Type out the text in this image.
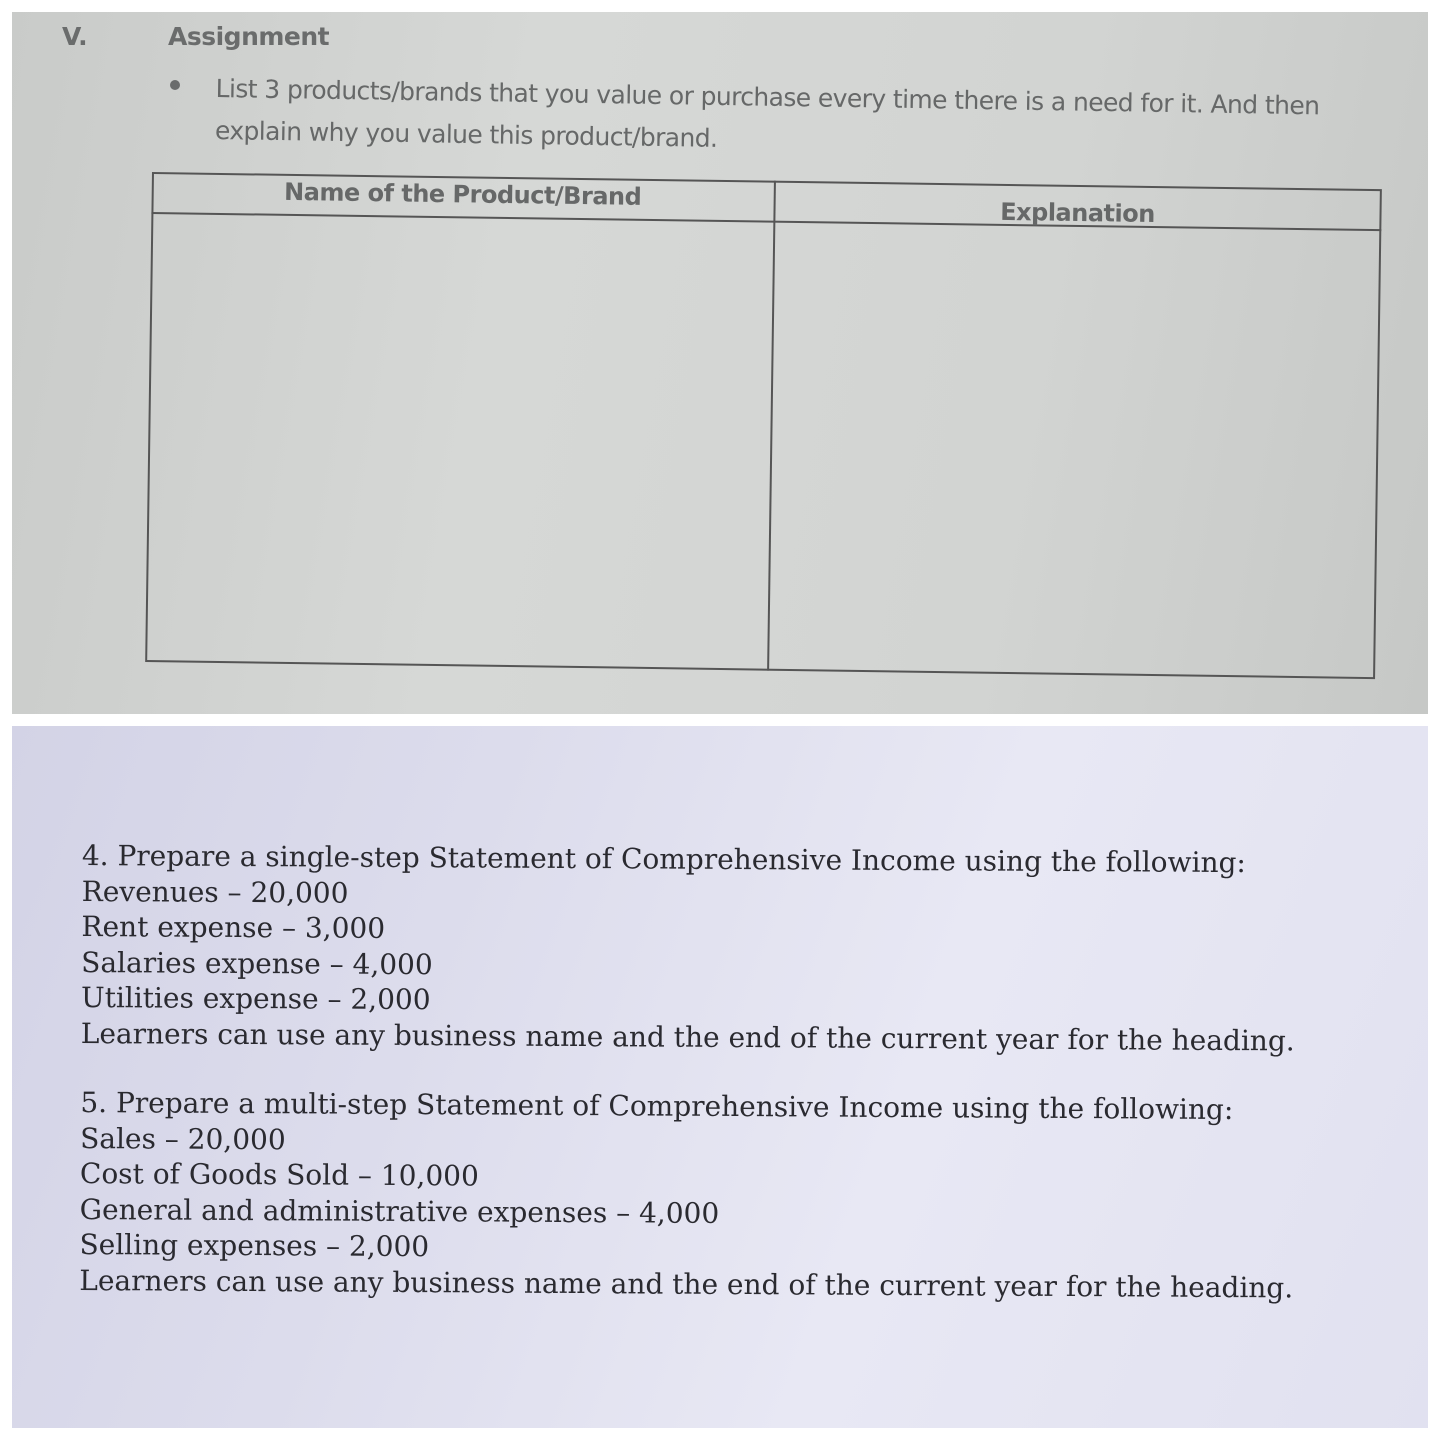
V.	Assignment
List 3 products/brands that you value or purchase every time there is a need for it. And then explain why you value this product/brand.
Name of the Product/Brand
Explanation
4. Prepare a single-step Statement of Comprehensive Income using the following:
Revenues – 20,000
Rent expense – 3,000
Salaries expense – 4,000
Utilities expense – 2,000
Learners can use any business name and the end of the current year for the heading.
5. Prepare a multi-step Statement of Comprehensive Income using the following:
Sales – 20,000
Cost of Goods Sold – 10,000
General and administrative expenses – 4,000
Selling expenses – 2,000
Learners can use any business name and the end of the current year for the heading.
